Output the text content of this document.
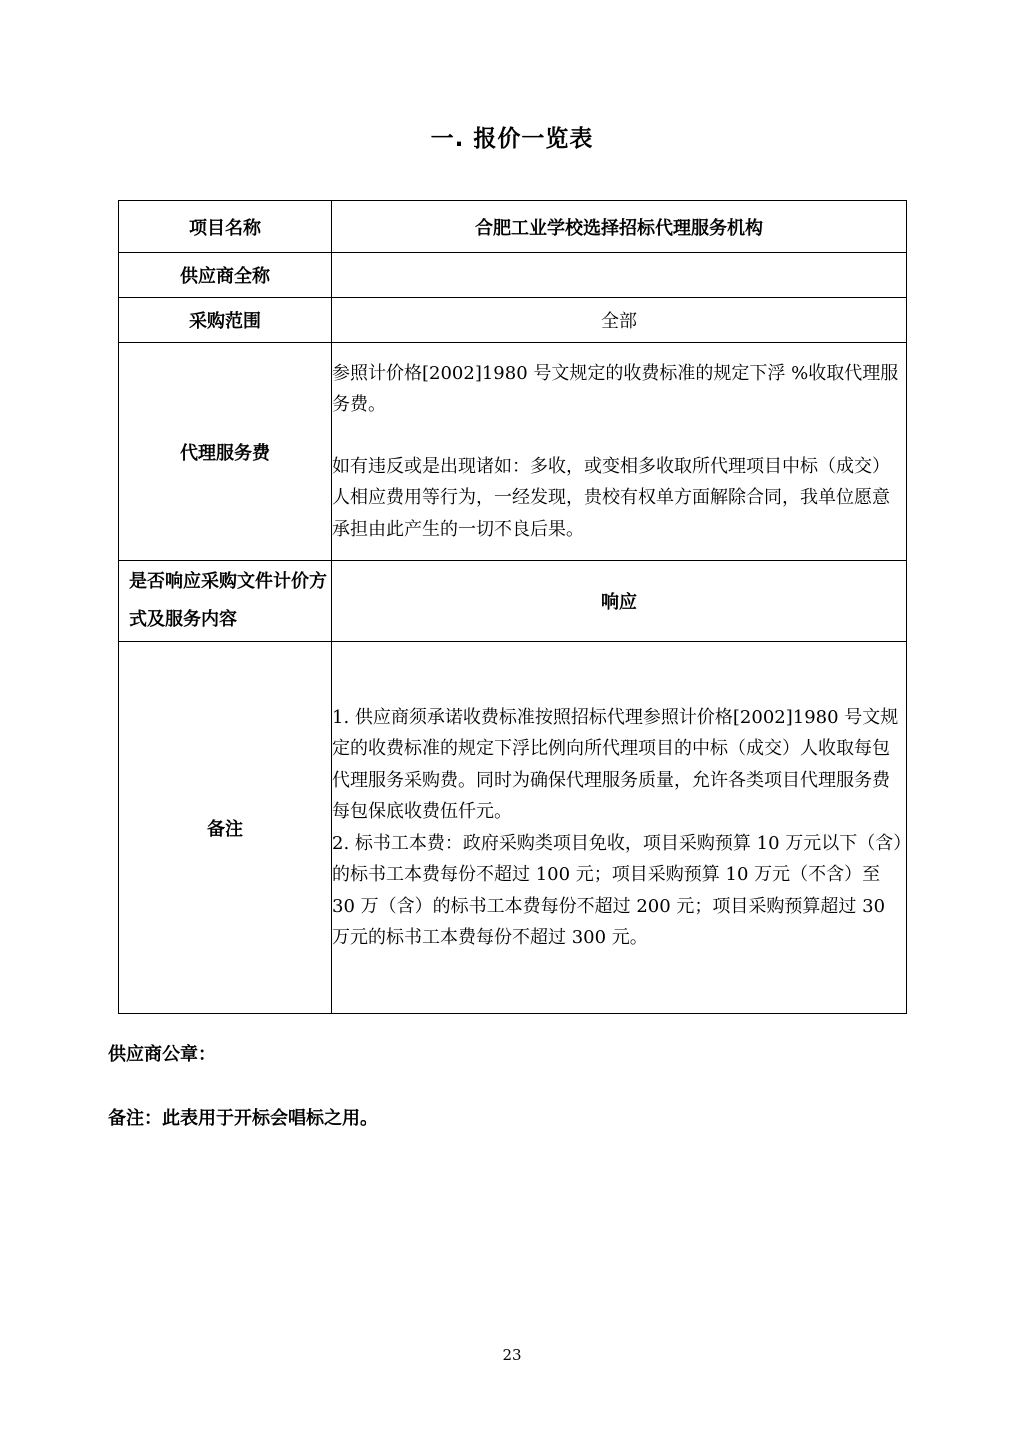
一. 报价一览表
项目名称	合肥工业学校选择招标代理服务机构
供应商全称	
采购范围	全部
代理服务费	参照计价格[2002]1980 号文规定的收费标准的规定下浮 %收取代理服务费。

如有违反或是出现诸如：多收，或变相多收取所代理项目中标（成交）人相应费用等行为，一经发现，贵校有权单方面解除合同，我单位愿意承担由此产生的一切不良后果。

是否响应采购文件计价方式及服务内容	响应
备注	1. 供应商须承诺收费标准按照招标代理参照计价格[2002]1980 号文规定的收费标准的规定下浮比例向所代理项目的中标（成交）人收取每包代理服务采购费。同时为确保代理服务质量，允许各类项目代理服务费每包保底收费伍仟元。

2. 标书工本费：政府采购类项目免收，项目采购预算 10 万元以下（含）的标书工本费每份不超过 100 元；项目采购预算 10 万元（不含）至 30 万（含）的标书工本费每份不超过 200 元；项目采购预算超过 30 万元的标书工本费每份不超过 300 元。

供应商公章：
备注：此表用于开标会唱标之用。
23
